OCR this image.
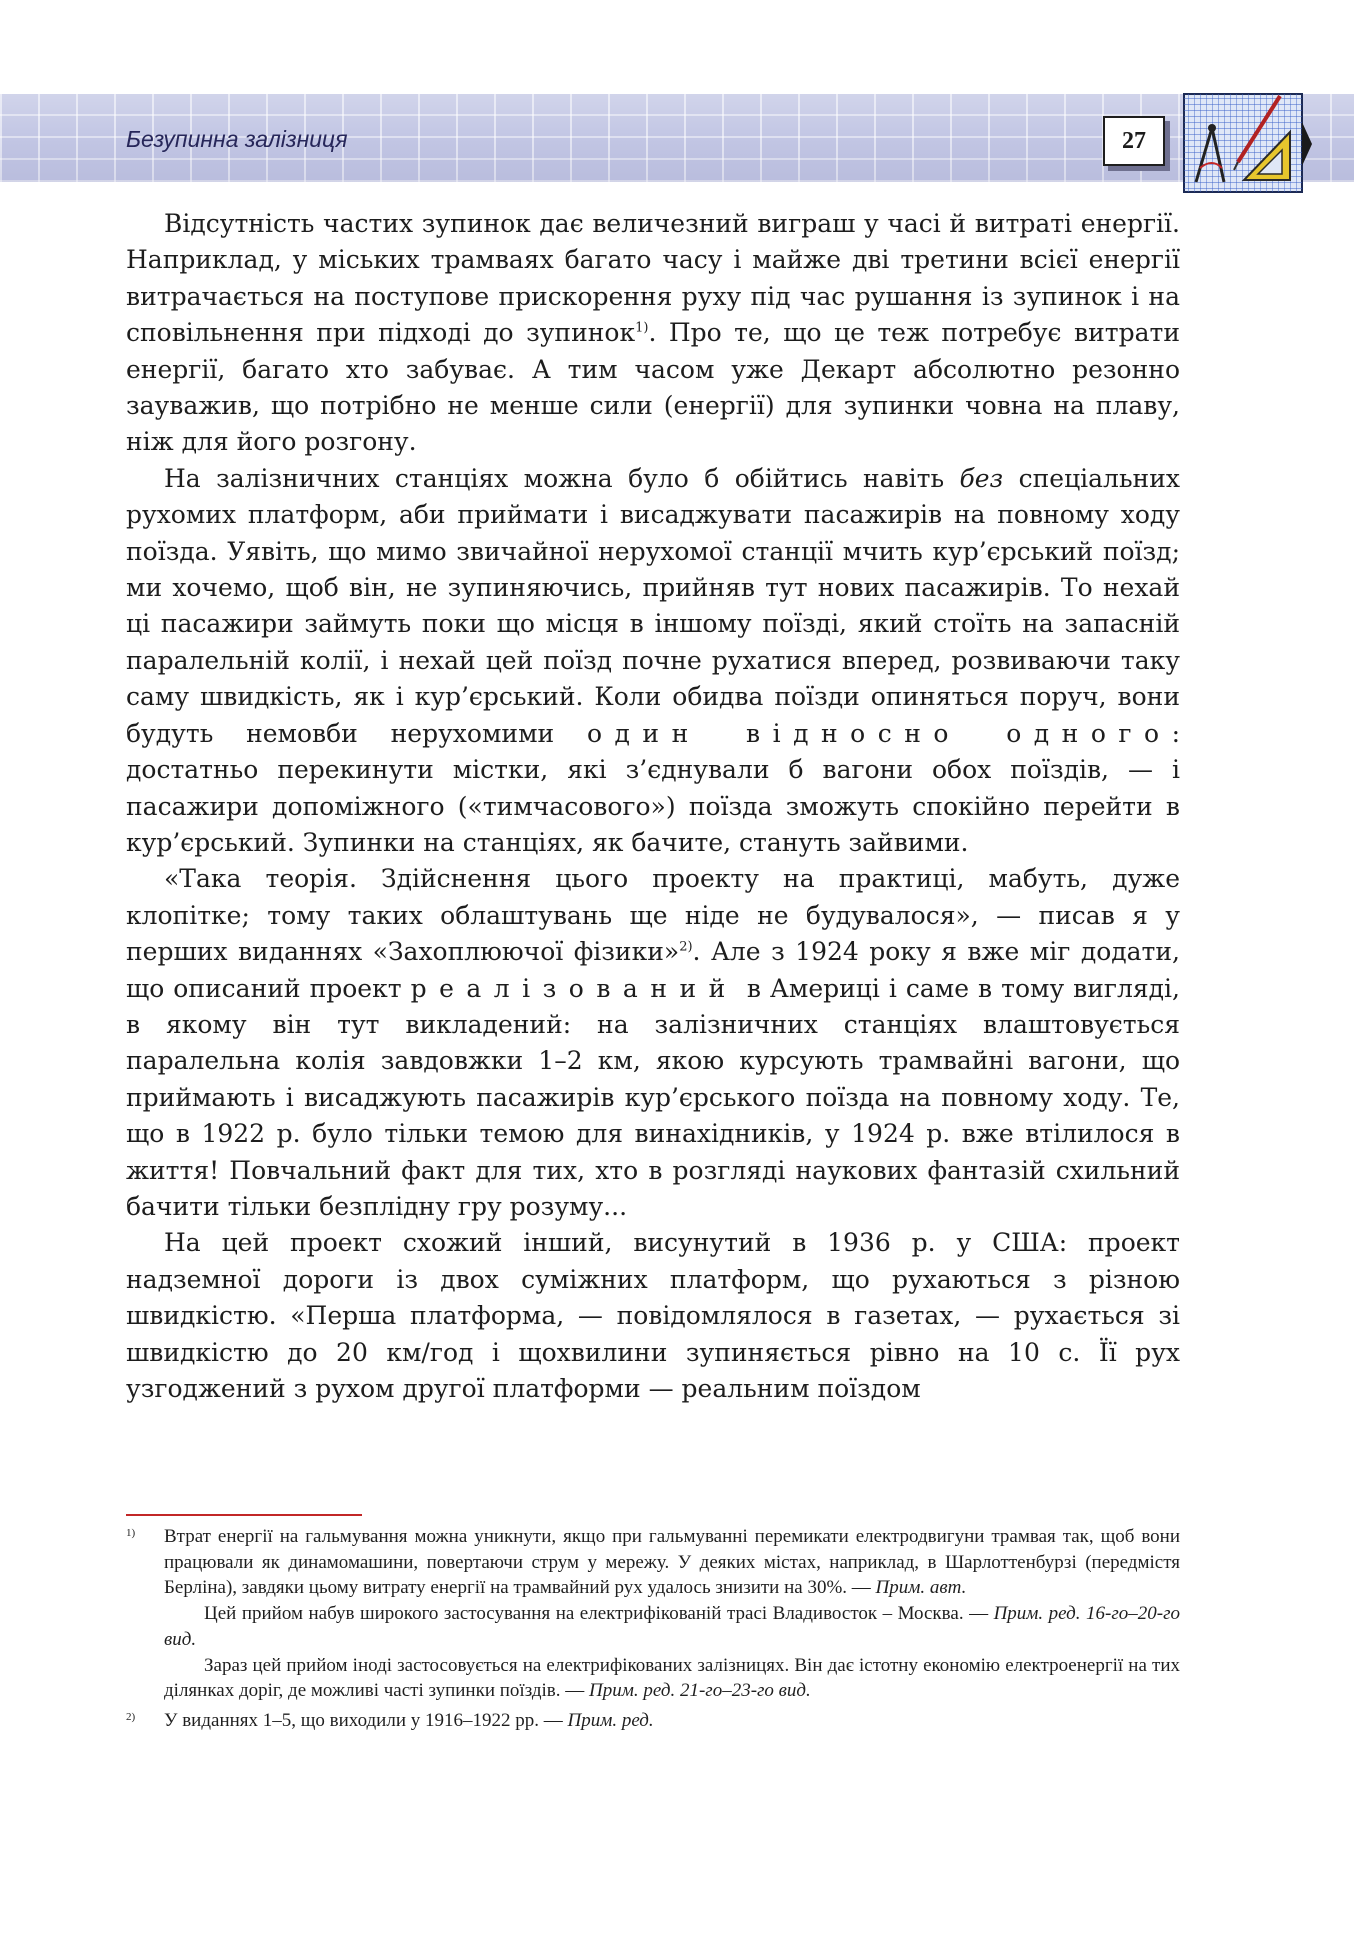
Безупинна залізниця	27

Відсутність частих зупинок дає величезний виграш у часі й витраті енергії. Наприклад, у міських трамваях багато часу і майже дві третини всієї енергії витрачається на поступове прискорення руху під час рушання із зупинок і на сповільнення при підході до зупинок$^{1)}$. Про те, що це теж потребує витрати енергії, багато хто забуває. А тим часом уже Декарт абсолютно резонно зауважив, що потрібно не менше сили (енергії) для зупинки човна на плаву, ніж для його розгону.

На залізничних станціях можна було б обійтись навіть без спеціальних рухомих платформ, аби приймати і висаджувати пасажирів на повному ходу поїзда. Уявіть, що мимо звичайної нерухомої станції мчить кур’єрський поїзд; ми хочемо, щоб він, не зупиняючись, прийняв тут нових пасажирів. То нехай ці пасажири займуть поки що місця в іншому поїзді, який стоїть на запасній паралельній колії, і нехай цей поїзд почне рухатися вперед, розвиваючи таку саму швидкість, як і кур’єрський. Коли обидва поїзди опиняться поруч, вони будуть немовби нерухомими один відносно одного: достатньо перекинути містки, які з’єднували б вагони обох поїздів, — і пасажири допоміжного («тимчасового») поїзда зможуть спокійно перейти в кур’єрський. Зупинки на станціях, як бачите, стануть зайвими.

«Така теорія. Здійснення цього проекту на практиці, мабуть, дуже клопітке; тому таких облаштувань ще ніде не будувалося», — писав я у перших виданнях «Захоплюючої фізики»$^{2)}$. Але з 1924 року я вже міг додати, що описаний проект реалізований в Америці і саме в тому вигляді, в якому він тут викладений: на залізничних станціях влаштовується паралельна колія завдовжки 1–2 км, якою курсують трамвайні вагони, що приймають і висаджують пасажирів кур’єрського поїзда на повному ходу. Те, що в 1922 р. було тільки темою для винахідників, у 1924 р. вже втілилося в життя! Повчальний факт для тих, хто в розгляді наукових фантазій схильний бачити тільки безплідну гру розуму...

На цей проект схожий інший, висунутий в 1936 р. у США: проект надземної дороги із двох суміжних платформ, що рухаються з різною швидкістю. «Перша платформа, — повідомлялося в газетах, — рухається зі швидкістю до 20 км/год і щохвилини зупиняється рівно на 10 с. Її рух узгоджений з рухом другої платформи — реальним поїздом

1) Втрат енергії на гальмування можна уникнути, якщо при гальмуванні перемикати електродвигуни трамвая так, щоб вони працювали як динамомашини, повертаючи струм у мережу. У деяких містах, наприклад, в Шарлоттенбурзі (передмістя Берліна), завдяки цьому витрату енергії на трамвайний рух удалось знизити на 30%. — Прим. авт.

Цей прийом набув широкого застосування на електрифікованій трасі Владивосток – Москва. — Прим. ред. 16-го–20-го вид.

Зараз цей прийом іноді застосовується на електрифікованих залізницях. Він дає істотну економію електроенергії на тих ділянках доріг, де можливі часті зупинки поїздів. — Прим. ред. 21-го–23-го вид.

2) У виданнях 1–5, що виходили у 1916–1922 рр. — Прим. ред.
